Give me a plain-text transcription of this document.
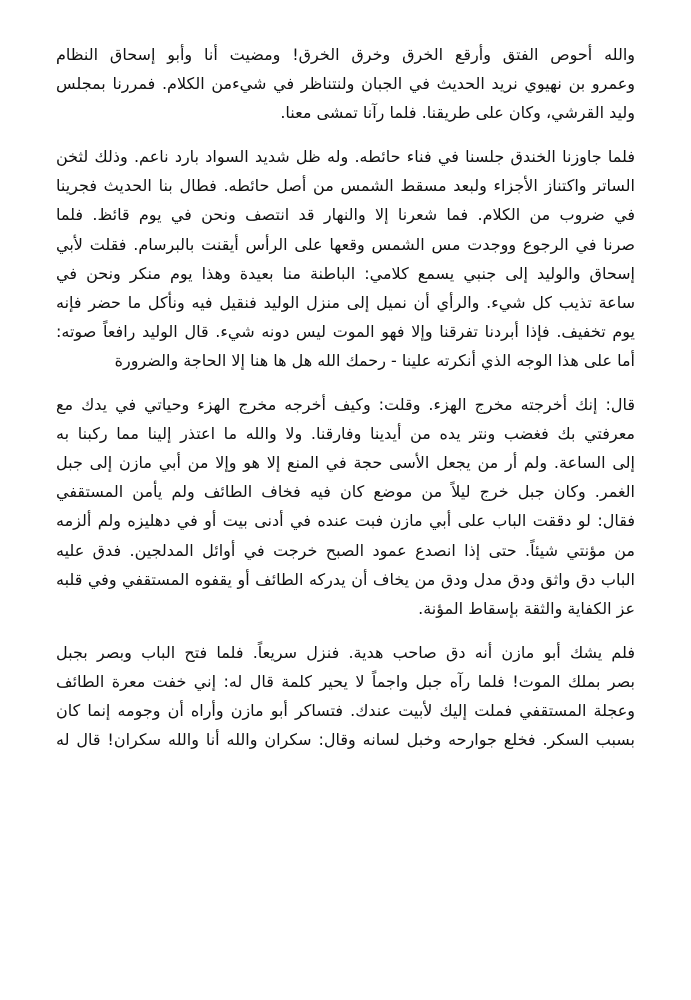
والله أحوص الفتق وأرقع الخرق وخرق الخرق! ومضيت أنا وأبو إسحاق النظام
وعمرو بن نهيوي نريد الحديث في الجبان ولنتناظر في شيءمن الكلام. فمررنا بمجلس
وليد القرشي، وكان على طريقنا. فلما رآنا تمشى معنا.
فلما جاوزنا الخندق جلسنا في فناء حائطه. وله ظل شديد السواد بارد ناعم. وذلك لثخن
الساتر واكتناز الأجزاء ولبعد مسقط الشمس من أصل حائطه. فطال بنا الحديث فجرينا
في ضروب من الكلام. فما شعرنا إلا والنهار قد انتصف ونحن في يوم قائظ. فلما
صرنا في الرجوع ووجدت مس الشمس وقعها على الرأس أيقنت بالبرسام. فقلت لأبي
إسحاق والوليد إلى جنبي يسمع كلامي: الباطنة منا بعيدة وهذا يوم منكر ونحن في
ساعة تذيب كل شيء. والرأي أن نميل إلى منزل الوليد فنقيل فيه ونأكل ما حضر فإنه
يوم تخفيف. فإذا أبردنا تفرقنا وإلا فهو الموت ليس دونه شيء. قال الوليد رافعاً صوته:
أما على هذا الوجه الذي أنكرته علينا - رحمك الله هل ها هنا إلا الحاجة والضرورة
قال: إنك أخرجته مخرج الهزء. وقلت: وكيف أخرجه مخرج الهزء وحياتي في يدك مع
معرفتي بك فغضب ونتر يده من أيدينا وفارقنا. ولا والله ما اعتذر إلينا مما ركبنا به
إلى الساعة. ولم أر من يجعل الأسى حجة في المنع إلا هو وإلا من أبي مازن إلى جبل
الغمر. وكان جبل خرج ليلاً من موضع كان فيه فخاف الطائف ولم يأمن المستقفي
فقال: لو دققت الباب على أبي مازن فبت عنده في أدنى بيت أو في دهليزه ولم ألزمه
من مؤنتي شيئاً. حتى إذا انصدع عمود الصبح خرجت في أوائل المدلجين. فدق عليه
الباب دق واثق ودق مدل ودق من يخاف أن يدركه الطائف أو يقفوه المستقفي وفي قلبه
عز الكفاية والثقة بإسقاط المؤنة.
فلم يشك أبو مازن أنه دق صاحب هدية. فنزل سريعاً. فلما فتح الباب وبصر بجبل
بصر بملك الموت! فلما رآه جبل واجماً لا يحير كلمة قال له: إني خفت معرة الطائف
وعجلة المستقفي فملت إليك لأبيت عندك. فتساكر أبو مازن وأراه أن وجومه إنما كان
بسبب السكر. فخلع جوارحه وخبل لسانه وقال: سكران والله أنا والله سكران! قال له
